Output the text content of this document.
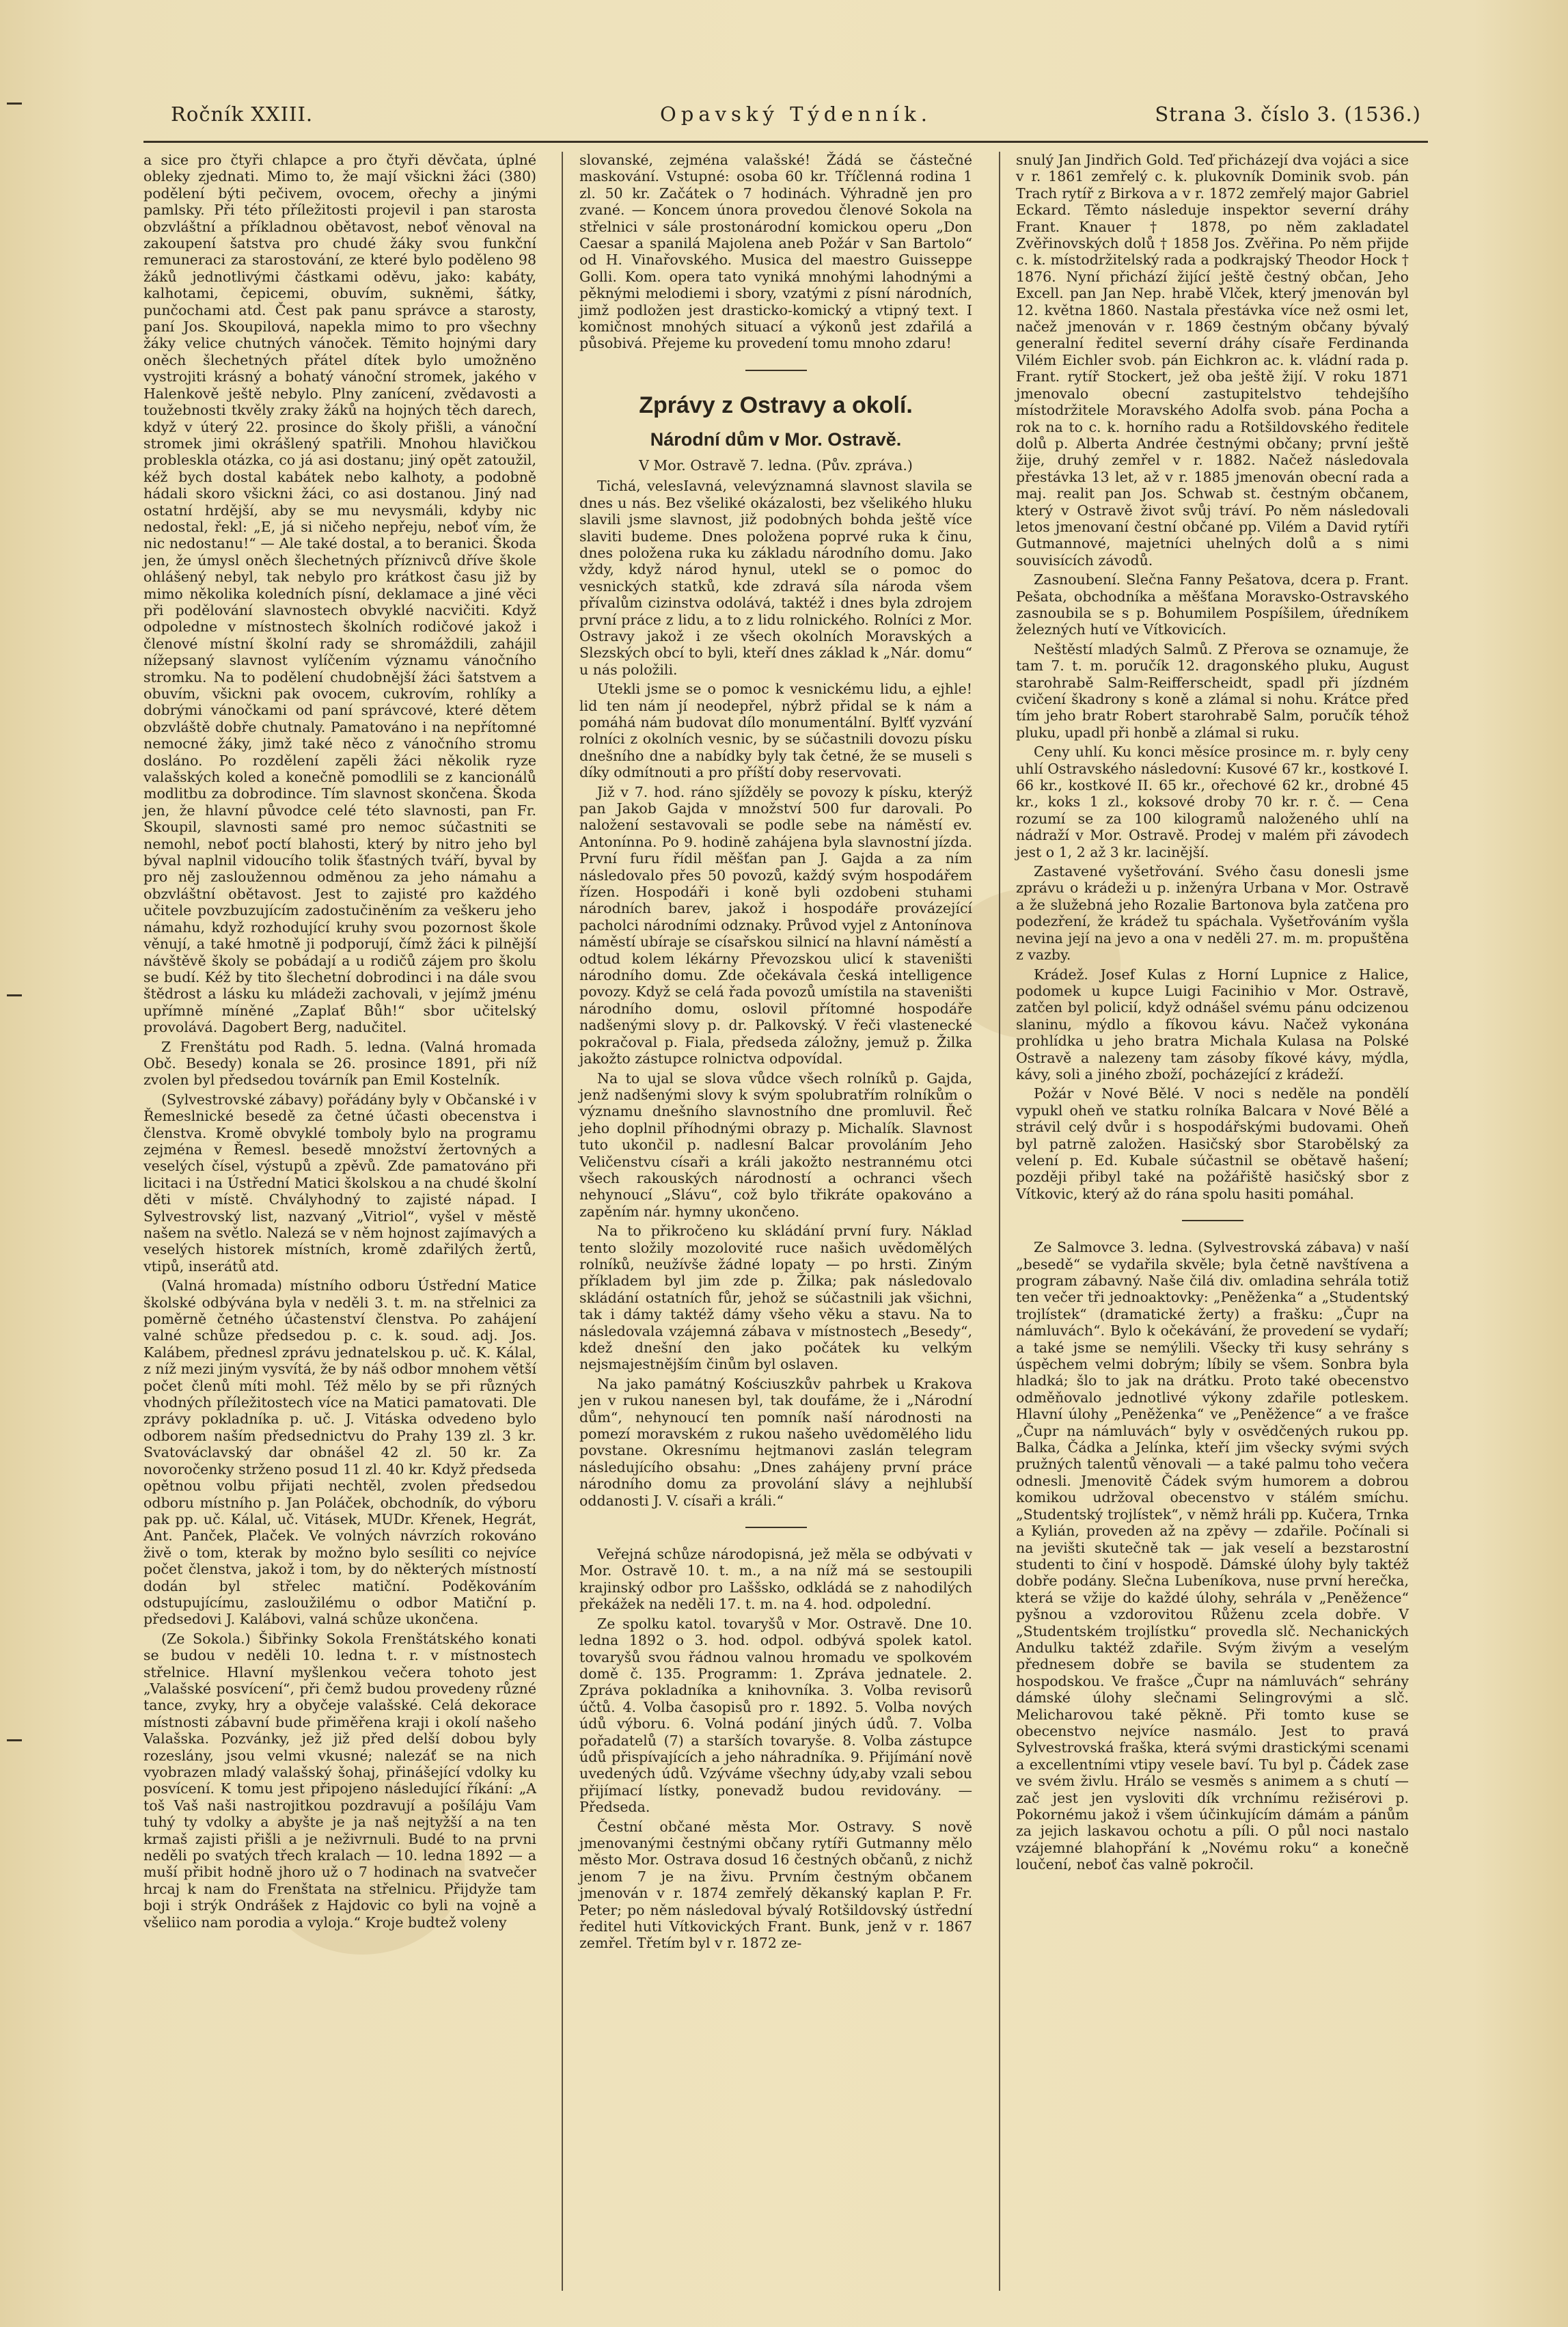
Ročník XXIII.	Opavský Týdenník.	Strana 3. číslo 3. (1536.)

a sice pro čtyři chlapce a pro čtyři děvčata, úplné obleky zjednati. Mimo to, že mají všickni žáci (380) podělení býti pečivem, ovocem, ořechy a jinými pamlsky. Při této příležitosti projevil i pan starosta obzvláštní a příkladnou obětavost, neboť věnoval na zakoupení šatstva pro chudé žáky svou funkční remuneraci za starostování, ze které bylo poděleno 98 žáků jednotlivými částkami oděvu, jako: kabáty, kalhotami, čepicemi, obuvím, sukněmi, šátky, punčochami atd. Čest pak panu správce a starosty, paní Jos. Skoupilová, napekla mimo to pro všechny žáky velice chutných vánoček. Těmito hojnými dary oněch šlechetných přátel dítek bylo umožněno vystrojiti krásný a bohatý vánoční stromek, jakého v Halenkově ještě nebylo. Plny zanícení, zvědavosti a toužebnosti tkvěly zraky žáků na hojných těch darech, když v úterý 22. prosince do školy přišli, a vánoční stromek jimi okrášlený spatřili. Mnohou hlavičkou probleskla otázka, co já asi dostanu; jiný opět zatoužil, kéž bych dostal kabátek nebo kalhoty, a podobně hádali skoro všickni žáci, co asi dostanou. Jiný nad ostatní hrdější, aby se mu nevysmáli, kdyby nic nedostal, řekl: „E, já si ničeho nepřeju, neboť vím, že nic nedostanu!“ — Ale také dostal, a to beranici. Škoda jen, že úmysl oněch šlechetných příznivců dříve škole ohlášený nebyl, tak nebylo pro krátkost času již by mimo několika koledních písní, deklamace a jiné věci při podělování slavnostech obvyklé nacvičiti. Když odpoledne v místnostech školních rodičové jakož i členové místní školní rady se shromáždili, zahájil nížepsaný slavnost vylíčením významu vánočního stromku. Na to podělení chudobnější žáci šatstvem a obuvím, všickni pak ovocem, cukrovím, rohlíky a dobrými vánočkami od paní správcové, které dětem obzvláště dobře chutnaly. Pamatováno i na nepřítomné nemocné žáky, jimž také něco z vánočního stromu dosláno. Po rozdělení zapěli žáci několik ryze valašských koled a konečně pomodlili se z kancionálů modlitbu za dobrodince. Tím slavnost skončena. Škoda jen, že hlavní původce celé této slavnosti, pan Fr. Skoupil, slavnosti samé pro nemoc súčastniti se nemohl, neboť poctí blahosti, který by nitro jeho byl býval naplnil vidoucího tolik šťastných tváří, byval by pro něj zasloužennou odměnou za jeho námahu a obzvláštní obětavost. Jest to zajisté pro každého učitele povzbuzujícím zadostučiněním za veškeru jeho námahu, když rozhodující kruhy svou pozornost škole věnují, a také hmotně ji podporují, čímž žáci k pilnější návštěvě školy se pobádají a u rodičů zájem pro školu se budí. Kéž by tito šlechetní dobrodinci i na dále svou štědrost a lásku ku mládeži zachovali, v jejímž jménu upřímně míněné „Zaplať Bůh!“ sbor učitelský provolává. Dagobert Berg, nadučitel.

Z Frenštátu pod Radh. 5. ledna. (Valná hromada Obč. Besedy) konala se 26. prosince 1891, při níž zvolen byl předsedou továrník pan Emil Kostelník.

(Sylvestrovské zábavy) pořádány byly v Občanské i v Řemeslnické besedě za četné účasti obecenstva i členstva. Kromě obvyklé tomboly bylo na programu zejména v Řemesl. besedě množství žertovných a veselých čísel, výstupů a zpěvů. Zde pamatováno při licitaci i na Ústřední Matici školskou a na chudé školní děti v místě. Chvályhodný to zajisté nápad. I Sylvestrovský list, nazvaný „Vitriol“, vyšel v městě našem na světlo. Nalezá se v něm hojnost zajímavých a veselých historek místních, kromě zdařilých žertů, vtipů, inserátů atd.

(Valná hromada) místního odboru Ústřední Matice školské odbývána byla v neděli 3. t. m. na střelnici za poměrně četného účastenství členstva. Po zahájení valné schůze předsedou p. c. k. soud. adj. Jos. Kalábem, přednesl zprávu jednatelskou p. uč. K. Kálal, z níž mezi jiným vysvítá, že by náš odbor mnohem větší počet členů míti mohl. Též mělo by se při různých vhodných příležitostech více na Matici pamatovati. Dle zprávy pokladníka p. uč. J. Vitáska odvedeno bylo odborem naším předsednictvu do Prahy 139 zl. 3 kr. Svatováclavský dar obnášel 42 zl. 50 kr. Za novoročenky strženo posud 11 zl. 40 kr. Když předseda opětnou volbu přijati nechtěl, zvolen předsedou odboru místního p. Jan Poláček, obchodník, do výboru pak pp. uč. Kálal, uč. Vitásek, MUDr. Křenek, Hegrát, Ant. Panček, Plaček. Ve volných návrzích rokováno živě o tom, kterak by možno bylo sesíliti co nejvíce počet členstva, jakož i tom, by do některých místností dodán byl střelec matiční. Poděkováním odstupujícímu, zasloužilému o odbor Matiční p. předsedovi J. Kalábovi, valná schůze ukončena.

(Ze Sokola.) Šibřinky Sokola Frenštátského konati se budou v neděli 10. ledna t. r. v místnostech střelnice. Hlavní myšlenkou večera tohoto jest „Valašské posvícení“, při čemž budou provedeny různé tance, zvyky, hry a obyčeje valašské. Celá dekorace místnosti zábavní bude přiměřena kraji i okolí našeho Valašska. Pozvánky, jež již před delší dobou byly rozeslány, jsou velmi vkusné; nalezáť se na nich vyobrazen mladý valašský šohaj, přinášející vdolky ku posvícení. K tomu jest připojeno následující říkání: „A toš Vaš naši nastrojitkou pozdravují a pošíláju Vam tuhý ty vdolky a abyšte je ja naš nejtyžší a na ten krmaš zajisti přišli a je neživrnuli. Budé to na prvni neděli po svatých třech kralach — 10. ledna 1892 — a muší přibit hodně jhoro už o 7 hodinach na svatvečer hrcaj k nam do Frenštata na střelnicu. Přijdyže tam boji i strýk Ondrášek z Hajdovic co byli na vojně a všeliico nam porodia a vyloja.“ Kroje budtež voleny

slovanské, zejména valašské! Žádá se částečné maskování. Vstupné: osoba 60 kr. Tříčlenná rodina 1 zl. 50 kr. Začátek o 7 hodinách. Výhradně jen pro zvané. — Koncem února provedou členové Sokola na střelnici v sále prostonárodní komickou operu „Don Caesar a spanilá Majolena aneb Požár v San Bartolo“ od H. Vinařovského. Musica del maestro Guisseppe Golli. Kom. opera tato vyniká mnohými lahodnými a pěknými melodiemi i sbory, vzatými z písní národních, jimž podložen jest drasticko-komický a vtipný text. I komičnost mnohých situací a výkonů jest zdařilá a působivá. Přejeme ku provedení tomu mnoho zdaru!

Zprávy z Ostravy a okolí.
Národní dům v Mor. Ostravě.
V Mor. Ostravě 7. ledna. (Pův. zpráva.)

Tichá, velesIavná, velevýznamná slavnost slavila se dnes u nás. Bez všeliké okázalosti, bez všelikého hluku slavili jsme slavnost, již podobných bohda ještě více slaviti budeme. Dnes položena poprvé ruka k činu, dnes položena ruka ku základu národního domu. Jako vždy, když národ hynul, utekl se o pomoc do vesnických statků, kde zdravá síla národa všem přívalům cizinstva odolává, taktéž i dnes byla zdrojem první práce z lidu, a to z lidu rolnického. Rolníci z Mor. Ostravy jakož i ze všech okolních Moravských a Slezských obcí to byli, kteří dnes základ k „Nár. domu“ u nás položili.

Utekli jsme se o pomoc k vesnickému lidu, a ejhle! lid ten nám jí neodepřel, nýbrž přidal se k nám a pomáhá nám budovat dílo monumentální. Bylťť vyzvání rolníci z okolních vesnic, by se súčastnili dovozu písku dnešního dne a nabídky byly tak četné, že se museli s díky odmítnouti a pro příští doby reservovati.

Již v 7. hod. ráno sjížděly se povozy k písku, kterýž pan Jakob Gajda v množství 500 fur darovali. Po naložení sestavovali se podle sebe na náměstí ev. Antonínna. Po 9. hodině zahájena byla slavnostní jízda. První furu řídil měšťan pan J. Gajda a za ním následovalo přes 50 povozů, každý svým hospodářem řízen. Hospodáři i koně byli ozdobeni stuhami národních barev, jakož i hospodáře provázející pacholci národními odznaky. Průvod vyjel z Antonínova náměstí ubíraje se císařskou silnicí na hlavní náměstí a odtud kolem lékárny Převozskou ulicí k staveništi národního domu. Zde očekávala česká intelligence povozy. Když se celá řada povozů umístila na staveništi národního domu, oslovil přítomné hospodáře nadšenými slovy p. dr. Palkovský. V řeči vlastenecké pokračoval p. Fiala, předseda záložny, jemuž p. Žilka jakožto zástupce rolnictva odpovídal.

Na to ujal se slova vůdce všech rolníků p. Gajda, jenž nadšenými slovy k svým spolubratřím rolníkům o významu dnešního slavnostního dne promluvil. Řeč jeho doplnil příhodnými obrazy p. Michalík. Slavnost tuto ukončil p. nadlesní Balcar provoláním Jeho Veličenstvu císaři a králi jakožto nestrannému otci všech rakouských národností a ochranci všech nehynoucí „Slávu“, což bylo třikráte opakováno a zapěním nár. hymny ukončeno.

Na to přikročeno ku skládání první fury. Náklad tento složily mozolovité ruce našich uvědomělých rolníků, neužívše žádné lopaty — po hrsti. Ziným příkladem byl jim zde p. Žilka; pak následovalo skládání ostatních fůr, jehož se súčastnili jak všichni, tak i dámy taktéž dámy všeho věku a stavu. Na to následovala vzájemná zábava v místnostech „Besedy“, kdež dnešní den jako počátek ku velkým nejsmajestnějším činům byl oslaven.

Na jako památný Kościuszkův pahrbek u Krakova jen v rukou nanesen byl, tak doufáme, že i „Národní dům“, nehynoucí ten pomník naší národnosti na pomezí moravském z rukou našeho uvědomělého lidu povstane. Okresnímu hejtmanovi zaslán telegram následujícího obsahu: „Dnes zahájeny první práce národního domu za provolání slávy a nejhlubší oddanosti J. V. císaři a králi.“

Veřejná schůze národopisná, jež měla se odbývati v Mor. Ostravě 10. t. m., a na níž má se sestoupili krajinský odbor pro Laššsko, odkládá se z nahodilých překážek na neděli 17. t. m. na 4. hod. odpolední.

Ze spolku katol. tovaryšů v Mor. Ostravě. Dne 10. ledna 1892 o 3. hod. odpol. odbývá spolek katol. tovaryšů svou řádnou valnou hromadu ve spolkovém domě č. 135. Programm: 1. Zpráva jednatele. 2. Zpráva pokladníka a knihovníka. 3. Volba revisorů účtů. 4. Volba časopisů pro r. 1892. 5. Volba nových údů výboru. 6. Volná podání jiných údů. 7. Volba pořadatelů (7) a starších tovaryše. 8. Volba zástupce údů přispívajících a jeho náhradníka. 9. Přijímání nově uvedených údů. Vzýváme všechny údy,aby vzali sebou přijímací lístky, ponevadž budou revidovány. — Předseda.

Čestní občané města Mor. Ostravy. S nově jmenovanými čestnými občany rytíři Gutmanny mělo město Mor. Ostrava dosud 16 čestných občanů, z nichž jenom 7 je na živu. Prvním čestným občanem jmenován v r. 1874 zemřelý děkanský kaplan P. Fr. Peter; po něm následoval bývalý Rotšildovský ústřední ředitel huti Vítkovických Frant. Bunk, jenž v r. 1867 zemřel. Třetím byl v r. 1872 ze-

snulý Jan Jindřich Gold. Teď přicházejí dva vojáci a sice v r. 1861 zemřelý c. k. plukovník Dominik svob. pán Trach rytíř z Birkova a v r. 1872 zemřelý major Gabriel Eckard. Těmto následuje inspektor severní dráhy Frant. Knauer † 1878, po něm zakladatel Zvěřinovských dolů † 1858 Jos. Zvěřina. Po něm přijde c. k. místodržitelský rada a podkrajský Theodor Hock † 1876. Nyní přichází žijící ještě čestný občan, Jeho Excell. pan Jan Nep. hrabě Vlček, který jmenován byl 12. května 1860. Nastala přestávka více než osmi let, načež jmenován v r. 1869 čestným občany bývalý generalní ředitel severní dráhy císaře Ferdinanda Vilém Eichler svob. pán Eichkron ac. k. vládní rada p. Frant. rytíř Stockert, jež oba ještě žijí. V roku 1871 jmenovalo obecní zastupitelstvo tehdejšího místodržitele Moravského Adolfa svob. pána Pocha a rok na to c. k. horního radu a Rotšildovského ředitele dolů p. Alberta Andrée čestnými občany; první ještě žije, druhý zemřel v r. 1882. Načež následovala přestávka 13 let, až v r. 1885 jmenován obecní rada a maj. realit pan Jos. Schwab st. čestným občanem, který v Ostravě život svůj tráví. Po něm následovali letos jmenovaní čestní občané pp. Vilém a David rytíři Gutmannové, majetníci uhelných dolů a s nimi souvisících závodů.

Zasnoubení. Slečna Fanny Pešatova, dcera p. Frant. Pešata, obchodníka a měšťana Moravsko-Ostravského zasnoubila se s p. Bohumilem Pospíšilem, úředníkem železných hutí ve Vítkovicích.

Neštěstí mladých Salmů. Z Přerova se oznamuje, že tam 7. t. m. poručík 12. dragonského pluku, August starohrabě Salm-Reifferscheidt, spadl při jízdném cvičení škadrony s koně a zlámal si nohu. Krátce před tím jeho bratr Robert starohrabě Salm, poručík téhož pluku, upadl při honbě a zlámal si ruku.

Ceny uhlí. Ku konci měsíce prosince m. r. byly ceny uhlí Ostravského následovní: Kusové 67 kr., kostkové I. 66 kr., kostkové II. 65 kr., ořechové 62 kr., drobné 45 kr., koks 1 zl., koksové droby 70 kr. r. č. — Cena rozumí se za 100 kilogramů naloženého uhlí na nádraží v Mor. Ostravě. Prodej v malém při závodech jest o 1, 2 až 3 kr. lacinější.

Zastavené vyšetřování. Svého času donesli jsme zprávu o krádeži u p. inženýra Urbana v Mor. Ostravě a že služebná jeho Rozalie Bartonova byla zatčena pro podezření, že krádež tu spáchala. Vyšetřováním vyšla nevina její na jevo a ona v neděli 27. m. m. propuštěna z vazby.

Krádež. Josef Kulas z Horní Lupnice z Halice, podomek u kupce Luigi Facinihio v Mor. Ostravě, zatčen byl policií, když odnášel svému pánu odcizenou slaninu, mýdlo a fíkovou kávu. Načež vykonána prohlídka u jeho bratra Michala Kulasa na Polské Ostravě a nalezeny tam zásoby fíkové kávy, mýdla, kávy, soli a jiného zboží, pocházející z krádeží.

Požár v Nové Bělé. V noci s neděle na pondělí vypukl oheň ve statku rolníka Balcara v Nové Bělé a strávil celý dvůr i s hospodářskými budovami. Oheň byl patrně založen. Hasičský sbor Starobělský za velení p. Ed. Kubale súčastnil se obětavě hašení; později přibyl také na požářiště hasičský sbor z Vítkovic, který až do rána spolu hasiti pomáhal.

Ze Salmovce 3. ledna. (Sylvestrovská zábava) v naší „besedě“ se vydařila skvěle; byla četně navštívena a program zábavný. Naše čilá div. omladina sehrála totiž ten večer tři jednoaktovky: „Peněženka“ a „Studentský trojlístek“ (dramatické žerty) a frašku: „Čupr na námluvách“. Bylo k očekávání, že provedení se vydaří; a také jsme se nemýlili. Všecky tři kusy sehrány s úspěchem velmi dobrým; líbily se všem. Sonbra byla hladká; šlo to jak na drátku. Proto také obecenstvo odměňovalo jednotlivé výkony zdařile potleskem. Hlavní úlohy „Peněženka“ ve „Peněžence“ a ve frašce „Čupr na námluvách“ byly v osvědčených rukou pp. Balka, Čádka a Jelínka, kteří jim všecky svými svých pružných talentů věnovali — a také palmu toho večera odnesli. Jmenovitě Čádek svým humorem a dobrou komikou udržoval obecenstvo v stálém smíchu. „Studentský trojlístek“, v němž hráli pp. Kučera, Trnka a Kylián, proveden až na zpěvy — zdařile. Počínali si na jevišti skutečně tak — jak veselí a bezstarostní studenti to činí v hospodě. Dámské úlohy byly taktéž dobře podány. Slečna Lubeníkova, nuse první herečka, která se vžije do každé úlohy, sehrála v „Peněžence“ pyšnou a vzdorovitou Růženu zcela dobře. V „Studentském trojlístku“ provedla slč. Nechanických Andulku taktéž zdařile. Svým živým a veselým přednesem dobře se bavila se studentem za hospodskou. Ve frašce „Čupr na námluvách“ sehrány dámské úlohy slečnami Selingrovými a slč. Melicharovou také pěkně. Při tomto kuse se obecenstvo nejvíce nasmálo. Jest to pravá Sylvestrovská fraška, která svými drastickými scenami a excellentními vtipy vesele baví. Tu byl p. Čádek zase ve svém živlu. Hrálo se vesměs s animem a s chutí — zač jest jen vysloviti dík vrchnímu režisérovi p. Pokornému jakož i všem účinkujícím dámám a pánům za jejich laskavou ochotu a píli. O půl noci nastalo vzájemné blahopřání k „Novému roku“ a konečně loučení, neboť čas valně pokročil.
